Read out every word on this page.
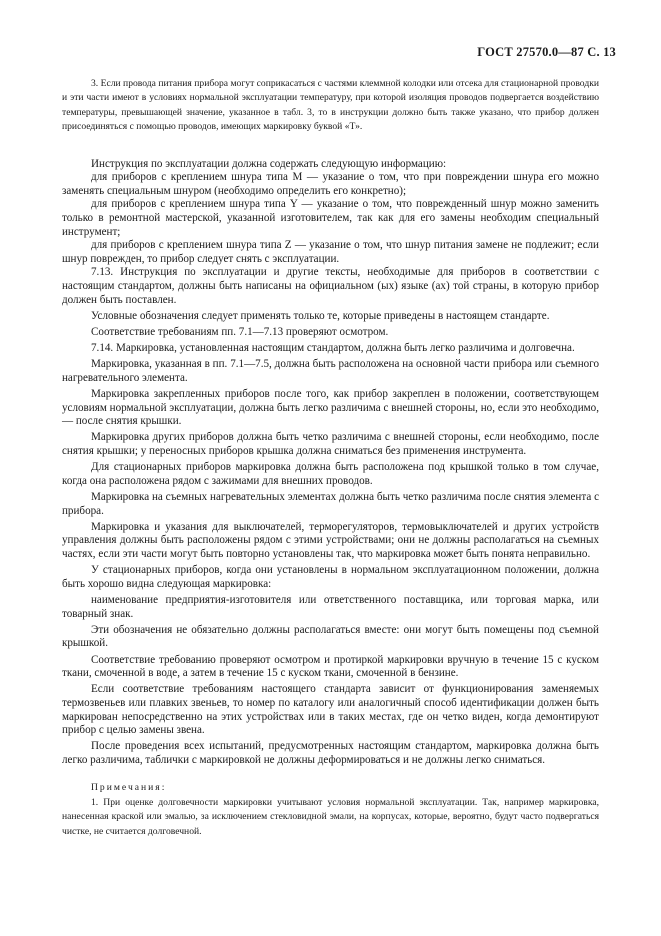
ГОСТ 27570.0—87 С. 13

3. Если провода питания прибора могут соприкасаться с частями клеммной колодки или отсека для стационарной проводки и эти части имеют в условиях нормальной эксплуатации температуру, при которой изоляция проводов подвергается воздействию температуры, превышающей значение, указанное в табл. 3, то в инструкции должно быть также указано, что прибор должен присоединяться с помощью проводов, имеющих маркировку буквой «Т».

Инструкция по эксплуатации должна содержать следующую информацию:

для приборов с креплением шнура типа М — указание о том, что при повреждении шнура его можно заменять специальным шнуром (необходимо определить его конкретно);

для приборов с креплением шнура типа Y — указание о том, что поврежденный шнур можно заменить только в ремонтной мастерской, указанной изготовителем, так как для его замены необходим специальный инструмент;

для приборов с креплением шнура типа Z — указание о том, что шнур питания замене не подлежит; если шнур поврежден, то прибор следует снять с эксплуатации.

7.13. Инструкция по эксплуатации и другие тексты, необходимые для приборов в соответствии с настоящим стандартом, должны быть написаны на официальном (ых) языке (ах) той страны, в которую прибор должен быть поставлен.

Условные обозначения следует применять только те, которые приведены в настоящем стандарте.

Соответствие требованиям пп. 7.1—7.13 проверяют осмотром.

7.14. Маркировка, установленная настоящим стандартом, должна быть легко различима и долговечна.

Маркировка, указанная в пп. 7.1—7.5, должна быть расположена на основной части прибора или съемного нагревательного элемента.

Маркировка закрепленных приборов после того, как прибор закреплен в положении, соответствующем условиям нормальной эксплуатации, должна быть легко различима с внешней стороны, но, если это необходимо, — после снятия крышки.

Маркировка других приборов должна быть четко различима с внешней стороны, если необходимо, после снятия крышки; у переносных приборов крышка должна сниматься без применения инструмента.

Для стационарных приборов маркировка должна быть расположена под крышкой только в том случае, когда она расположена рядом с зажимами для внешних проводов.

Маркировка на съемных нагревательных элементах должна быть четко различима после снятия элемента с прибора.

Маркировка и указания для выключателей, терморегуляторов, термовыключателей и других устройств управления должны быть расположены рядом с этими устройствами; они не должны располагаться на съемных частях, если эти части могут быть повторно установлены так, что маркировка может быть понята неправильно.

У стационарных приборов, когда они установлены в нормальном эксплуатационном положении, должна быть хорошо видна следующая маркировка:

наименование предприятия-изготовителя или ответственного поставщика, или торговая марка, или товарный знак.

Эти обозначения не обязательно должны располагаться вместе: они могут быть помещены под съемной крышкой.

Соответствие требованию проверяют осмотром и протиркой маркировки вручную в течение 15 с куском ткани, смоченной в воде, а затем в течение 15 с куском ткани, смоченной в бензине.

Если соответствие требованиям настоящего стандарта зависит от функционирования заменяемых термозвеньев или плавких звеньев, то номер по каталогу или аналогичный способ идентификации должен быть маркирован непосредственно на этих устройствах или в таких местах, где он четко виден, когда демонтируют прибор с целью замены звена.

После проведения всех испытаний, предусмотренных настоящим стандартом, маркировка должна быть легко различима, таблички с маркировкой не должны деформироваться и не должны легко сниматься.

Примечания:

1. При оценке долговечности маркировки учитывают условия нормальной эксплуатации. Так, например маркировка, нанесенная краской или эмалью, за исключением стекловидной эмали, на корпусах, которые, вероятно, будут часто подвергаться чистке, не считается долговечной.
